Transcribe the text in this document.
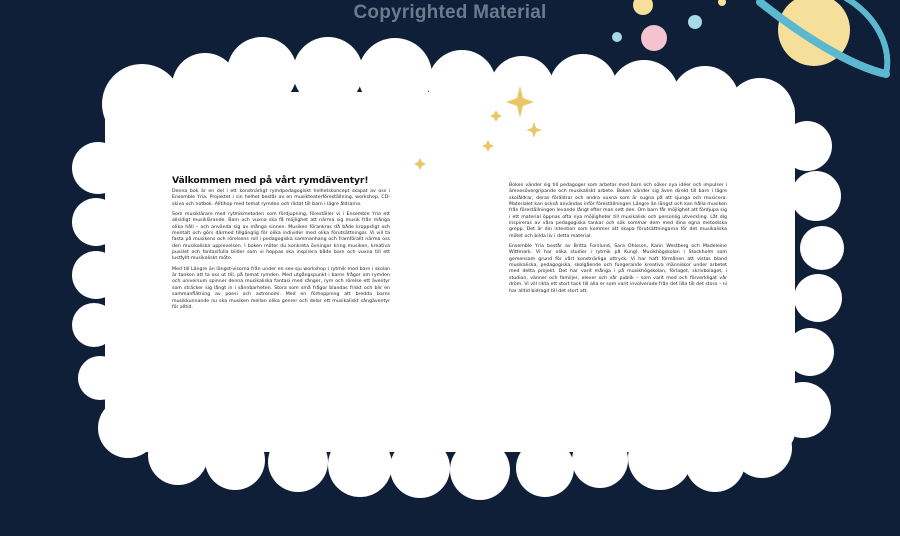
Copyrighted Material
Välkommen med på vårt rymdäventyr!

Denna bok är en del i ett konstnärligt rymdpedagogiskt helhetskoncept skapat av oss i Ensemble Yria. Projektet i sin helhet består av en musikteaterföreställning, workshop, CD-skiva och notbok. Alltihop med temat rymden och riktat till barn i lägre åldrarna.

Som musiklärare med rytmikmetoden som fördjupning, föreställer vi i Ensemble Yria ett allsidigt musiklärande. Barn och vuxna ska få möjlighet att närma sig musik från många olika håll – och använda sig av många sinnen. Musiken förankras då både kroppsligt och mentalt och görs därmed tillgänglig för olika individer med olika förutsättningar. Vi vill ta fasta på musikens och rörelsens roll i pedagogiska sammanhang och framförallt närma oss den musikaliska upplevelsen. I boken möter du konkreta övningar kring musiken, kreativa pusslet och fantasifulla bilder som vi hoppas ska inspirera både barn och vuxna till ett lustfyllt musikaliskt möte.

Med till Längre än längst-visorna från under en sex-sju workshop i rytmik med barn i skolan är tanken att ta oss ut till, på temat rymden. Med utgångspunkt i barns frågor om rymden och universum spinner denna musikaliska fantasi med sånger, rym och rörelse ett äventyr som sträcker sig långt in i sånnbarheten. Stora som små frågor blandas friskt och blir en sammanflätning av poesi och astronomi. Med en förhoppning att bredda barns musikkunnande nu ska musiken mellan olika genrer och delar ett musikaliskt sångäventyr för alltid.

Boken vänder sig till pedagoger som arbetar med barn och söker nya idéer och impulser i ämnesövergripande och musikaliskt arbete. Boken vänder sig även direkt till barn i lägre skolåldrar, deras föräldrar och andra vuxna som är sugna på att sjunga och musicera. Materialet kan också användas inför föreställningen Längre än längst och kan hålla musiken från föreställningen levande långt efter man sett den. Om barn får möjlighet att fördjupa sig i ett material öppnas ofta nya möjligheter till musikalisk och personlig utveckling. Låt dig inspireras av våra pedagogiska tankar och sök sommar dem med dina egna metodiska grepp. Det är din intention som kommer att skapa förutsättningarna för det musikaliska mötet och bilda liv i detta material.

Ensemble Yria består av Britta Forslund, Sara Ohlsson, Karin Westberg och Madeleine Wittmark. Vi har olika studier i rytmik på Kungl. Musikhögskolan i Stockholm som gemensam grund för vårt konstnärliga uttryck. Vi har haft förmånen att vistas bland musikaliska, pedagogiska, skolgående och fungerande kreativa människor under arbetet med detta projekt. Det har varit många i på musikhögskolan, förlaget, skrivbolaget, i studion, vänner och familjer, elever och vår publik – som varit med och förverkligat vår dröm. Vi vill rikta ett stort tack till alla er som varit involverade från det lilla till det stora – ni har alltid bidragit till det stort att.
